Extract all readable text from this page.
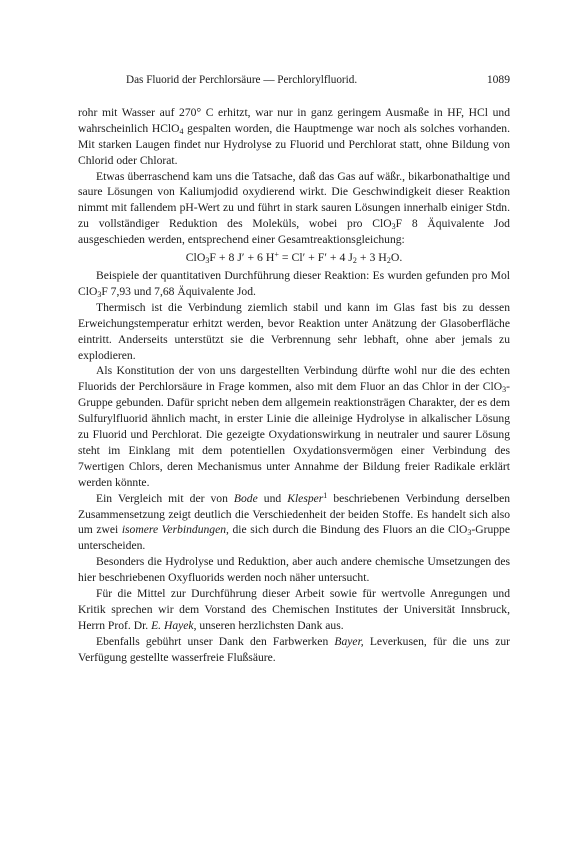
Das Fluorid der Perchlorsäure — Perchlorylfluorid.	1089

rohr mit Wasser auf 270° C erhitzt, war nur in ganz geringem Ausmaße in HF, HCl und wahrscheinlich HClO$_4$ gespalten worden, die Hauptmenge war noch als solches vorhanden. Mit starken Laugen findet nur Hydrolyse zu Fluorid und Perchlorat statt, ohne Bildung von Chlorid oder Chlorat.

Etwas überraschend kam uns die Tatsache, daß das Gas auf wäßr., bikarbonathaltige und saure Lösungen von Kaliumjodid oxydierend wirkt. Die Geschwindigkeit dieser Reaktion nimmt mit fallendem pH-Wert zu und führt in stark sauren Lösungen innerhalb einiger Stdn. zu vollständiger Reduktion des Moleküls, wobei pro ClO$_3$F 8 Äquivalente Jod ausgeschieden werden, entsprechend einer Gesamtreaktionsgleichung:

ClO$_3$F + 8 J′ + 6 H+ = Cl′ + F′ + 4 $J_2 + 3$ $H_2O$.

Beispiele der quantitativen Durchführung dieser Reaktion: Es wurden gefunden pro Mol ClO$_3$F 7,93 und 7,68 Äquivalente Jod.

Thermisch ist die Verbindung ziemlich stabil und kann im Glas fast bis zu dessen Erweichungstemperatur erhitzt werden, bevor Reaktion unter Anätzung der Glasoberfläche eintritt. Anderseits unterstützt sie die Verbrennung sehr lebhaft, ohne aber jemals zu explodieren.

Als Konstitution der von uns dargestellten Verbindung dürfte wohl nur die des echten Fluorids der Perchlorsäure in Frage kommen, also mit dem Fluor an das Chlor in der ClO$_3$-Gruppe gebunden. Dafür spricht neben dem allgemein reaktionsträgen Charakter, der es dem Sulfurylfluorid ähnlich macht, in erster Linie die alleinige Hydrolyse in alkalischer Lösung zu Fluorid und Perchlorat. Die gezeigte Oxydationswirkung in neutraler und saurer Lösung steht im Einklang mit dem potentiellen Oxydationsvermögen einer Verbindung des 7wertigen Chlors, deren Mechanismus unter Annahme der Bildung freier Radikale erklärt werden könnte.

Ein Vergleich mit der von Bode und Klesper$^1$ beschriebenen Verbindung derselben Zusammensetzung zeigt deutlich die Verschiedenheit der beiden Stoffe. Es handelt sich also um zwei isomere Verbindungen, die sich durch die Bindung des Fluors an die ClO$_3$-Gruppe unterscheiden.

Besonders die Hydrolyse und Reduktion, aber auch andere chemische Umsetzungen des hier beschriebenen Oxyfluorids werden noch näher untersucht.

Für die Mittel zur Durchführung dieser Arbeit sowie für wertvolle Anregungen und Kritik sprechen wir dem Vorstand des Chemischen Institutes der Universität Innsbruck, Herrn Prof. Dr. E. Hayek, unseren herzlichsten Dank aus.

Ebenfalls gebührt unser Dank den Farbwerken Bayer, Leverkusen, für die uns zur Verfügung gestellte wasserfreie Flußsäure.
